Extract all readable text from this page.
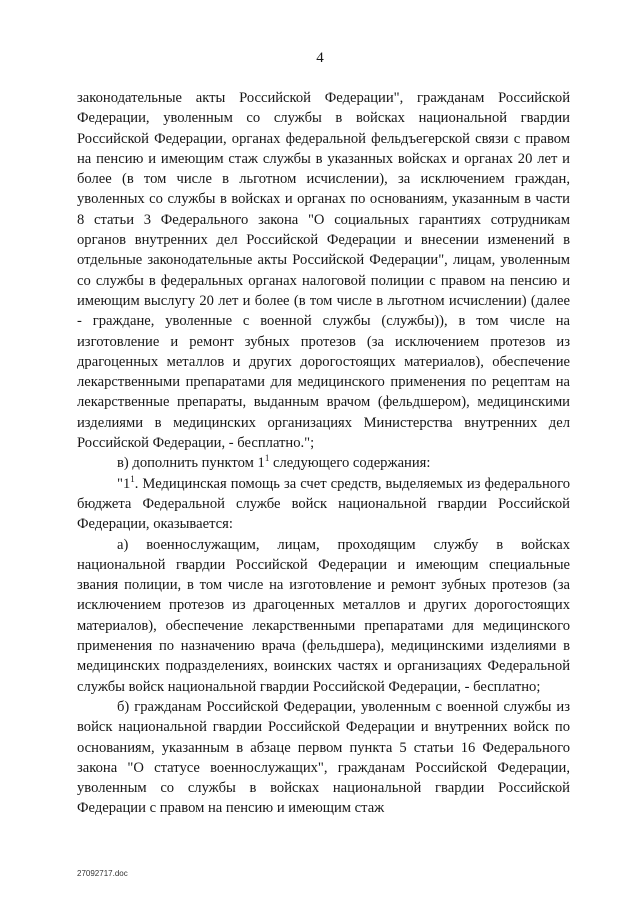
4

законодательные акты Российской Федерации", гражданам Российской Федерации, уволенным со службы в войсках национальной гвардии Российской Федерации, органах федеральной фельдъегерской связи с правом на пенсию и имеющим стаж службы в указанных войсках и органах 20 лет и более (в том числе в льготном исчислении), за исключением граждан, уволенных со службы в войсках и органах по основаниям, указанным в части 8 статьи 3 Федерального закона "О социальных гарантиях сотрудникам органов внутренних дел Российской Федерации и внесении изменений в отдельные законодательные акты Российской Федерации", лицам, уволенным со службы в федеральных органах налоговой полиции с правом на пенсию и имеющим выслугу 20 лет и более (в том числе в льготном исчислении) (далее - граждане, уволенные с военной службы (службы)), в том числе на изготовление и ремонт зубных протезов (за исключением протезов из драгоценных металлов и других дорогостоящих материалов), обеспечение лекарственными препаратами для медицинского применения по рецептам на лекарственные препараты, выданным врачом (фельдшером), медицинскими изделиями в медицинских организациях Министерства внутренних дел Российской Федерации, - бесплатно.";

в) дополнить пунктом $1^1$ следующего содержания:

"$1^1$. Медицинская помощь за счет средств, выделяемых из федерального бюджета Федеральной службе войск национальной гвардии Российской Федерации, оказывается:

а) военнослужащим, лицам, проходящим службу в войсках национальной гвардии Российской Федерации и имеющим специальные звания полиции, в том числе на изготовление и ремонт зубных протезов (за исключением протезов из драгоценных металлов и других дорогостоящих материалов), обеспечение лекарственными препаратами для медицинского применения по назначению врача (фельдшера), медицинскими изделиями в медицинских подразделениях, воинских частях и организациях Федеральной службы войск национальной гвардии Российской Федерации, - бесплатно;

б) гражданам Российской Федерации, уволенным с военной службы из войск национальной гвардии Российской Федерации и внутренних войск по основаниям, указанным в абзаце первом пункта 5 статьи 16 Федерального закона "О статусе военнослужащих", гражданам Российской Федерации, уволенным со службы в войсках национальной гвардии Российской Федерации с правом на пенсию и имеющим стаж

27092717.doc
